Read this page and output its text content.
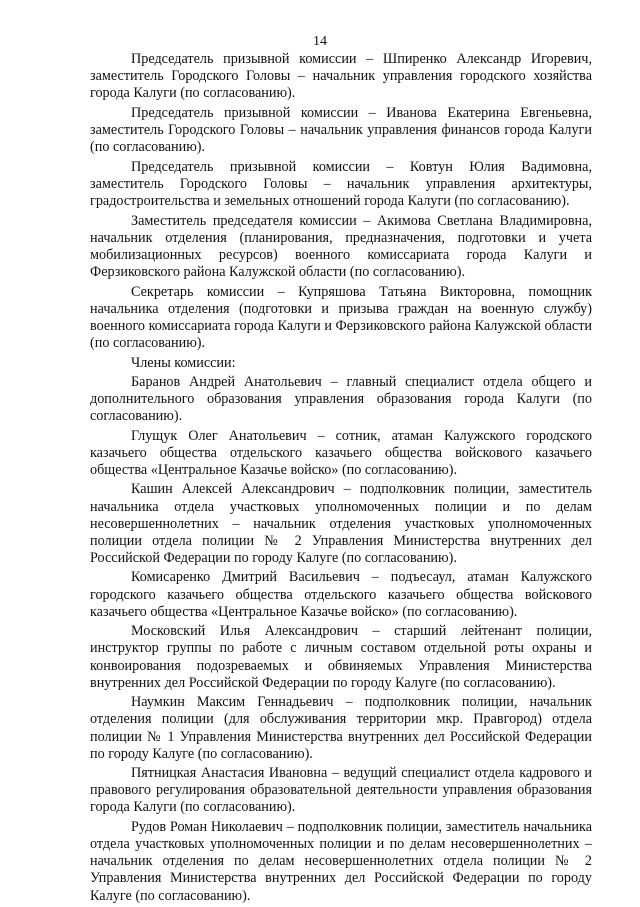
14

Председатель призывной комиссии – Шпиренко Александр Игоревич, заместитель Городского Головы – начальник управления городского хозяйства города Калуги (по согласованию).

Председатель призывной комиссии – Иванова Екатерина Евгеньевна, заместитель Городского Головы – начальник управления финансов города Калуги (по согласованию).

Председатель призывной комиссии – Ковтун Юлия Вадимовна, заместитель Городского Головы – начальник управления архитектуры, градостроительства и земельных отношений города Калуги (по согласованию).

Заместитель председателя комиссии – Акимова Светлана Владимировна, начальник отделения (планирования, предназначения, подготовки и учета мобилизационных ресурсов) военного комиссариата города Калуги и Ферзиковского района Калужской области (по согласованию).

Секретарь комиссии – Купряшова Татьяна Викторовна, помощник начальника отделения (подготовки и призыва граждан на военную службу) военного комиссариата города Калуги и Ферзиковского района Калужской области (по согласованию).

Члены комиссии:

Баранов Андрей Анатольевич – главный специалист отдела общего и дополнительного образования управления образования города Калуги (по согласованию).

Глущук Олег Анатольевич – сотник, атаман Калужского городского казачьего общества отдельского казачьего общества войскового казачьего общества «Центральное Казачье войско» (по согласованию).

Кашин Алексей Александрович – подполковник полиции, заместитель начальника отдела участковых уполномоченных полиции и по делам несовершеннолетних – начальник отделения участковых уполномоченных полиции отдела полиции № 2 Управления Министерства внутренних дел Российской Федерации по городу Калуге (по согласованию).

Комисаренко Дмитрий Васильевич – подъесаул, атаман Калужского городского казачьего общества отдельского казачьего общества войскового казачьего общества «Центральное Казачье войско» (по согласованию).

Московский Илья Александрович – старший лейтенант полиции, инструктор группы по работе с личным составом отдельной роты охраны и конвоирования подозреваемых и обвиняемых Управления Министерства внутренних дел Российской Федерации по городу Калуге (по согласованию).

Наумкин Максим Геннадьевич – подполковник полиции, начальник отделения полиции (для обслуживания территории мкр. Правгород) отдела полиции № 1 Управления Министерства внутренних дел Российской Федерации по городу Калуге (по согласованию).

Пятницкая Анастасия Ивановна – ведущий специалист отдела кадрового и правового регулирования образовательной деятельности управления образования города Калуги (по согласованию).

Рудов Роман Николаевич – подполковник полиции, заместитель начальника отдела участковых уполномоченных полиции и по делам несовершеннолетних – начальник отделения по делам несовершеннолетних отдела полиции № 2 Управления Министерства внутренних дел Российской Федерации по городу Калуге (по согласованию).
